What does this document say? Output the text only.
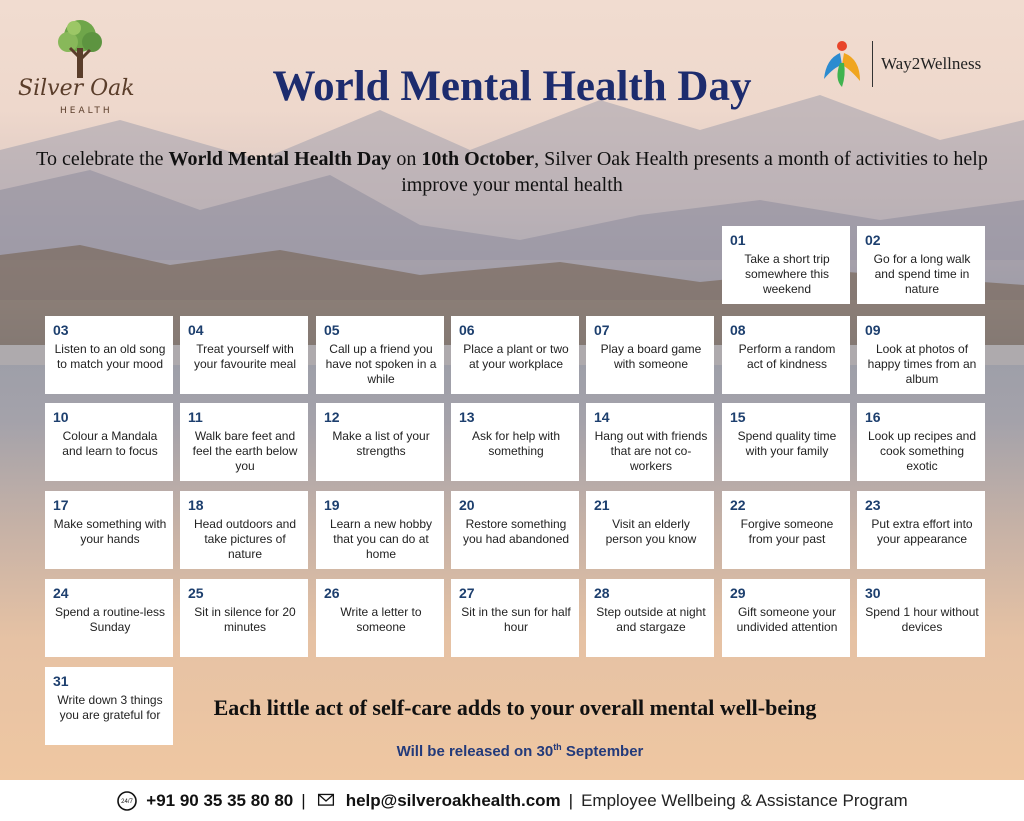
Silver Oak
HEALTH
Way2Wellness
World Mental Health Day
To celebrate the World Mental Health Day on 10th October, Silver Oak Health presents a month of activities to help improve your mental health
01
Take a short trip somewhere this weekend
02
Go for a long walk and spend time in nature
03
Listen to an old song to match your mood
04
Treat yourself with your favourite meal
05
Call up a friend you have not spoken in a while
06
Place a plant or two at your workplace
07
Play a board game with someone
08
Perform a random act of kindness
09
Look at photos of happy times from an album
10
Colour a Mandala and learn to focus
11
Walk bare feet and feel the earth below you
12
Make a list of your strengths
13
Ask for help with something
14
Hang out with friends that are not co-workers
15
Spend quality time with your family
16
Look up recipes and cook something exotic
17
Make something with your hands
18
Head outdoors and take pictures of nature
19
Learn a new hobby that you can do at home
20
Restore something you had abandoned
21
Visit an elderly person you know
22
Forgive someone from your past
23
Put extra effort into your appearance
24
Spend a routine-less Sunday
25
Sit in silence for 20 minutes
26
Write a letter to someone
27
Sit in the sun for half hour
28
Step outside at night and stargaze
29
Gift someone your undivided attention
30
Spend 1 hour without devices
31
Write down 3 things you are grateful for	Each little act of self-care adds to your overall mental well-being
Will be released on 30th September
24/7 +91 90 35 35 80 80 | help@silveroakhealth.com | Employee Wellbeing & Assistance Program
